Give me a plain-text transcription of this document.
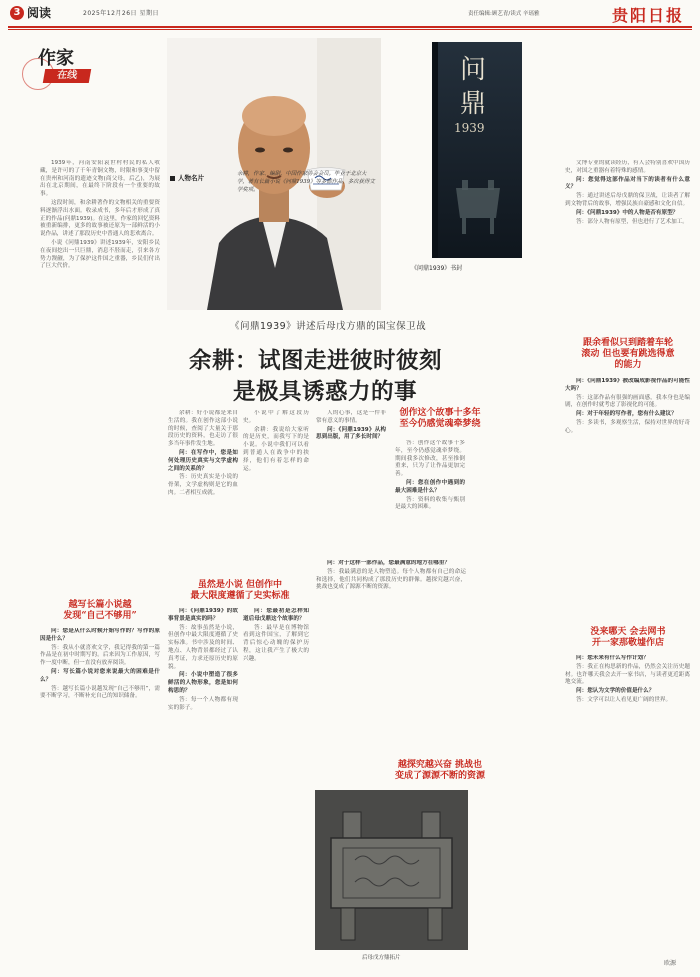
3 阅读	2025年12月26日 星期日	责任编辑:顾艺青/读式 辛瑶雅	贵阳日报
作家
在线

1939年，河南安阳袁世村村民的私人收藏，是许可的了千年青铜文物，时限和事变中留在贵州和河南的遗迹文物(商父母，后乙)，为展出在北京期间，在最终下阶段有一个重要的故事。

这段时间，和余耕著作的文物相关的重要资料逐渐浮出水面。收录成书，多年后才形成了真正的作品(问鼎1939)。在这里，作家的回忆资料被重新编排，更多的故事被还原为一部鲜活的小说作品，讲述了那段历史中普通人的悲欢离合。

小说《问鼎1939》讲述1939年，安阳乡民在夜间挖出一只巨鼎，消息不胫而走，引来各方势力觊觎，为了保护这件国之重器，乡民们付出了巨大代价。

越写长篇小说越
发现“自己不够用”

问：您是从什么时候开始写作的？写作的原因是什么？

答：我从小就喜欢文学，我记得我的第一篇作品是在初中时期写的。后来因为工作原因，写作一度中断，但一直没有放弃阅读。

问：写长篇小说对您来说最大的困难是什么？

答：越写长篇小说越发现“自己不够用”，需要不断学习，不断补充自己的知识储备。

人物名片	余耕，作家、编剧、中国作家协会会员。毕业于北京大学，著有长篇小说《问鼎1939》等多部作品，多次获得文学奖项。
问
鼎
1939
《问鼎1939》书封
《问鼎1939》讲述后母戊方鼎的国宝保卫战
余耕：试图走进彼时彼刻
是极具诱惑力的事

余耕：好小说都是来自生活的。我在创作这部小说的时候，查阅了大量关于那段历史的资料，也走访了很多当年事件发生地。

问：在写作中，您是如何处理历史真实与文学虚构之间的关系的？

答：历史真实是小说的骨架，文学虚构则是它的血肉。二者相互成就。

小说中了解这段历史。

余耕：我说给大家听的是历史，而我写下的是小说。小说中我们可以看到普通人在战争中的抉择，他们有着怎样的命运。

虽然是小说 但创作中
最大限度遵循了史实标准

问：《问鼎1939》的故事背景是真实的吗？

答：故事虽然是小说，但创作中最大限度遵循了史实标准。书中涉及的时间、地点、人物背景都经过了认真考证，力求还原历史的原貌。

问：小说中塑造了很多鲜活的人物形象，您是如何构思的？

答：每一个人物都有现实的影子。

问：您最初是怎样知道后母戊鼎这个故事的？

答：最早是在博物馆看到这件国宝，了解到它背后惊心动魄的保护历程，这让我产生了极大的兴趣。

人的心事，这是一件非常有意义的事情。

问：《问鼎1939》从构思到出版，用了多长时间？

创作这个故事十多年
至今仍感觉魂牵梦绕

答：创作这个故事十多年，至今仍感觉魂牵梦绕。期间我多次修改，甚至推倒重来，只为了让作品更加完善。

问：您在创作中遇到的最大困难是什么？

答：资料的收集与甄别是最大的困难。

问：对于这样一部作品，您最满意的地方在哪里？

答：我最满意的是人物塑造。每个人物都有自己的命运和选择，他们共同构成了那段历史的群像。越探究越兴奋，挑战也变成了源源不断的资源。

越探究越兴奋 挑战也
变成了源源不断的资源
后母戊方鼎拓片

文博专业的就读经历，有人会特别喜欢中国历史，对国之重器有着特殊的感情。

问：您觉得这部作品对当下的读者有什么意义？

答：通过讲述后母戊鼎的保卫战，让读者了解到文物背后的故事，增强民族自豪感和文化自信。

问：《问鼎1939》中的人物是否有原型？

答：部分人物有原型，但也进行了艺术加工。

跟余看似只到踏着车轮
滚动 但也要有跳选得意
的能力

问：《问鼎1939》被改编成影视作品的可能性大吗？

答：这部作品有很强的画面感，我本身也是编剧，在创作时就考虑了影视化的可能。

问：对于年轻的写作者，您有什么建议？

答：多读书，多观察生活，保持对世界的好奇心。

没来哪天 会去网书
开一家那敬墟作店

问：您未来有什么写作计划？

答：我正在构思新的作品，仍然会关注历史题材。也许哪天我会去开一家书店，与读者更近距离地交流。

问：您认为文学的价值是什么？

答：文学可以让人看见更广阔的世界。

欧源
